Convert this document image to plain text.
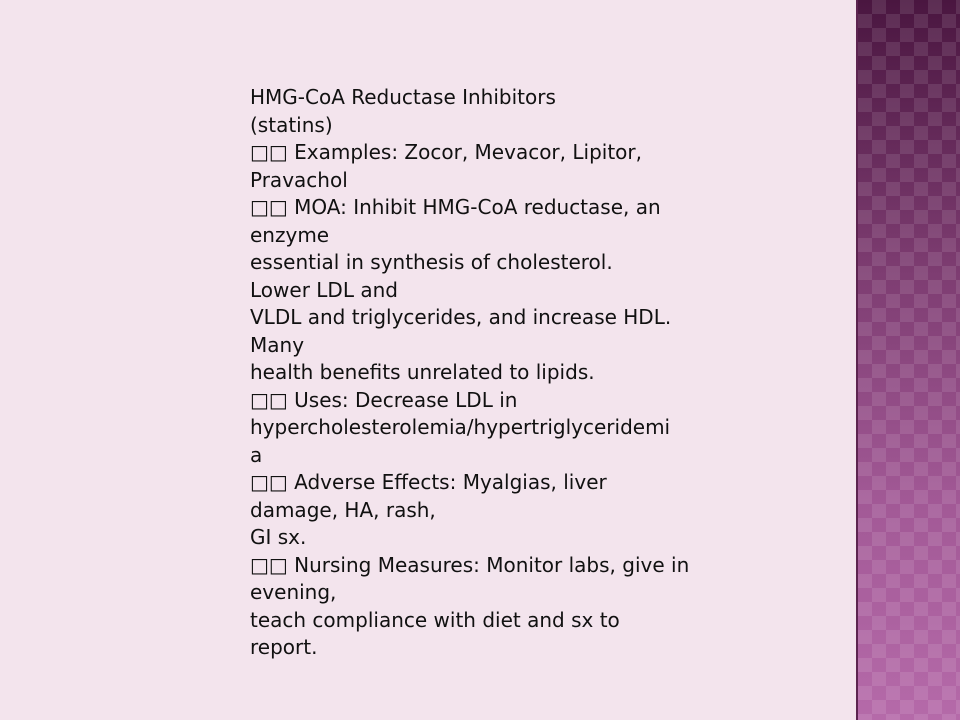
HMG-CoA Reductase Inhibitors
(statins)
□□ Examples: Zocor, Mevacor, Lipitor,
Pravachol
□□ MOA: Inhibit HMG-CoA reductase, an
enzyme
essential in synthesis of cholesterol.
Lower LDL and
VLDL and triglycerides, and increase HDL.
Many
health benefits unrelated to lipids.
□□ Uses: Decrease LDL in
hypercholesterolemia/hypertriglyceridemi
a
□□ Adverse Effects: Myalgias, liver
damage, HA, rash,
GI sx.
□□ Nursing Measures: Monitor labs, give in
evening,
teach compliance with diet and sx to
report.
